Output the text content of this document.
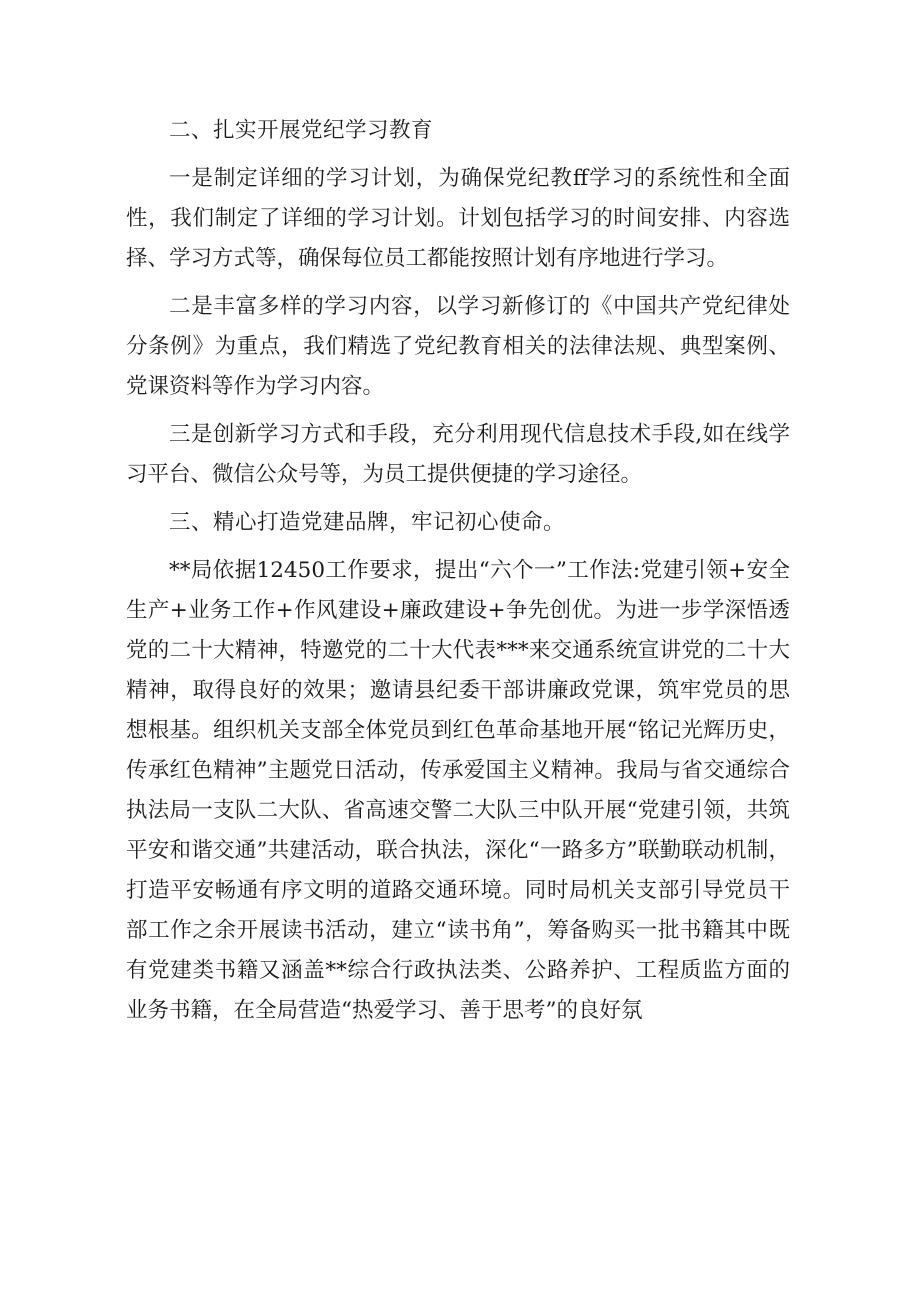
二、扎实开展党纪学习教育

一是制定详细的学习计划，为确保党纪教ff学习的系统性和全面性，我们制定了详细的学习计划。计划包括学习的时间安排、内容选择、学习方式等，确保每位员工都能按照计划有序地进行学习。

二是丰富多样的学习内容，以学习新修订的《中国共产党纪律处分条例》为重点，我们精选了党纪教育相关的法律法规、典型案例、党课资料等作为学习内容。

三是创新学习方式和手段，充分利用现代信息技术手段,如在线学习平台、微信公众号等，为员工提供便捷的学习途径。

三、精心打造党建品牌，牢记初心使命。

**局依据12450工作要求，提出“六个一”工作法:党建引领+安全生产+业务工作+作风建设+廉政建设+争先创优。为进一步学深悟透党的二十大精神，特邀党的二十大代表***来交通系统宣讲党的二十大精神，取得良好的效果；邀请县纪委干部讲廉政党课，筑牢党员的思想根基。组织机关支部全体党员到红色革命基地开展“铭记光辉历史，传承红色精神”主题党日活动，传承爱国主义精神。我局与省交通综合执法局一支队二大队、省高速交警二大队三中队开展“党建引领，共筑平安和谐交通”共建活动，联合执法，深化“一路多方”联勤联动机制，打造平安畅通有序文明的道路交通环境。同时局机关支部引导党员干部工作之余开展读书活动，建立“读书角”，筹备购买一批书籍其中既有党建类书籍又涵盖**综合行政执法类、公路养护、工程质监方面的业务书籍，在全局营造“热爱学习、善于思考”的良好氛
